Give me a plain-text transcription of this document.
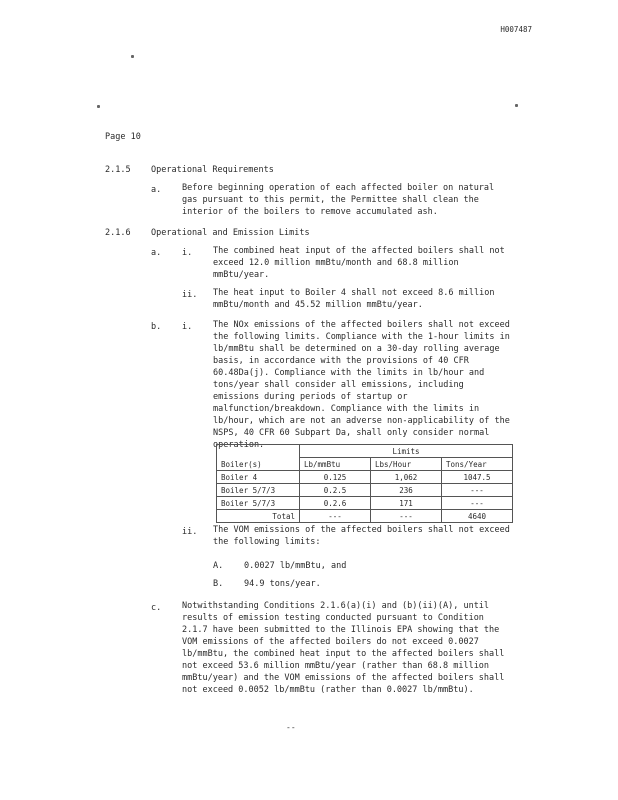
H007487
Page 10
2.1.5 Operational Requirements
a. Before beginning operation of each affected boiler on natural gas pursuant to this permit, the Permittee shall clean the interior of the boilers to remove accumulated ash.
2.1.6 Operational and Emission Limits
a. i. The combined heat input of the affected boilers shall not exceed 12.0 million mmBtu/month and 68.8 million mmBtu/year.
ii. The heat input to Boiler 4 shall not exceed 8.6 million mmBtu/month and 45.52 million mmBtu/year.
b. i. The NOx emissions of the affected boilers shall not exceed the following limits. Compliance with the 1-hour limits in lb/mmBtu shall be determined on a 30-day rolling average basis, in accordance with the provisions of 40 CFR 60.48Da(j). Compliance with the limits in lb/hour and tons/year shall consider all emissions, including emissions during periods of startup or malfunction/breakdown. Compliance with the limits in lb/hour, which are not an adverse non-applicability of the NSPS, 40 CFR 60 Subpart Da, shall only consider normal operation.
Boiler(s)	Limits		
	Lb/mmBtu	Lbs/Hour	Tons/Year
Boiler 4	0.125	1,062	1047.5
Boiler 5/7/3	0.2.5	236	---
Boiler 5/7/3	0.2.6	171	---
Total	---	---	4640
ii. The VOM emissions of the affected boilers shall not exceed the following limits:
A. 0.0027 lb/mmBtu, and
B. 94.9 tons/year.
c. Notwithstanding Conditions 2.1.6(a)(i) and (b)(ii)(A), until results of emission testing conducted pursuant to Condition 2.1.7 have been submitted to the Illinois EPA showing that the VOM emissions of the affected boilers do not exceed 0.0027 lb/mmBtu, the combined heat input to the affected boilers shall not exceed 53.6 million mmBtu/year (rather than 68.8 million mmBtu/year) and the VOM emissions of the affected boilers shall not exceed 0.0052 lb/mmBtu (rather than 0.0027 lb/mmBtu).
--
